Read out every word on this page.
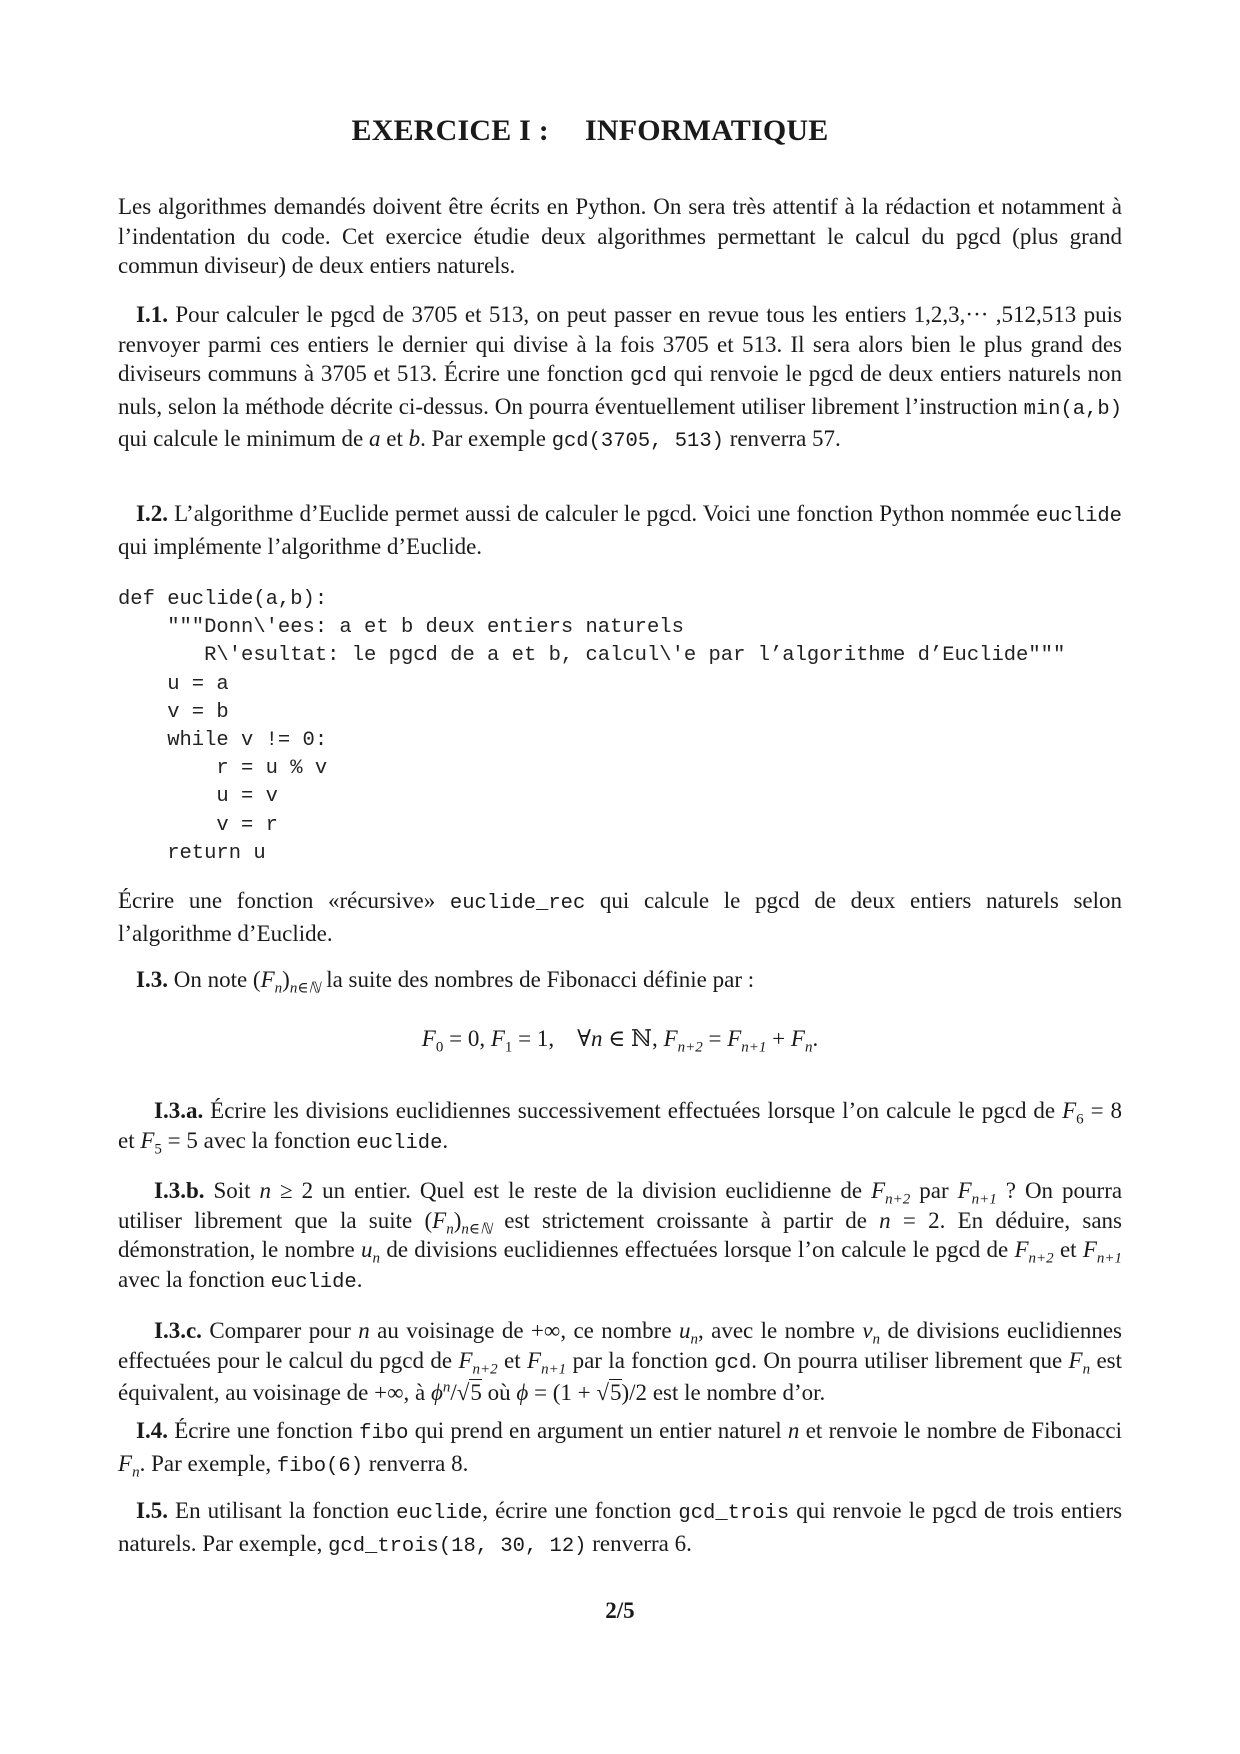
EXERCICE I : INFORMATIQUE
Les algorithmes demandés doivent être écrits en Python. On sera très attentif à la rédaction et notamment à l’indentation du code. Cet exercice étudie deux algorithmes permettant le calcul du pgcd (plus grand commun diviseur) de deux entiers naturels.
I.1. Pour calculer le pgcd de 3705 et 513, on peut passer en revue tous les entiers 1,2,3,··· ,512,513 puis renvoyer parmi ces entiers le dernier qui divise à la fois 3705 et 513. Il sera alors bien le plus grand des diviseurs communs à 3705 et 513. Écrire une fonction gcd qui renvoie le pgcd de deux entiers naturels non nuls, selon la méthode décrite ci-dessus. On pourra éventuellement utiliser librement l’instruction min(a,b) qui calcule le minimum de a et b. Par exemple gcd(3705, 513) renverra 57.
I.2. L’algorithme d’Euclide permet aussi de calculer le pgcd. Voici une fonction Python nommée euclide qui implémente l’algorithme d’Euclide.
def euclide(a,b):
"""Donn\'ees: a et b deux entiers naturels
R\'esultat: le pgcd de a et b, calcul\'e par l’algorithme d’Euclide"""
u = a
v = b
while v != 0:
r = u % v
u = v
v = r
return u
Écrire une fonction «récursive» euclide_rec qui calcule le pgcd de deux entiers naturels selon l’algorithme d’Euclide.
I.3. On note $(F_n)_{n\in ℕ}$ la suite des nombres de Fibonacci définie par :
$F_0 = 0$, $F_1 = 1$,    ∀n ∈ ℕ, $F_{n+2} = F_{n+1} + F_n$.
I.3.a. Écrire les divisions euclidiennes successivement effectuées lorsque l’on calcule le pgcd de $F_6 = 8$ et $F_5 = 5$ avec la fonction euclide.
I.3.b. Soit n ≥ 2 un entier. Quel est le reste de la division euclidienne de $F_{n+2}$ par $F_{n+1}$ ? On pourra utiliser librement que la suite $(F_n)_{n\in ℕ}$ est strictement croissante à partir de n = 2. En déduire, sans démonstration, le nombre $u_n$ de divisions euclidiennes effectuées lorsque l’on calcule le pgcd de $F_{n+2}$ et $F_{n+1}$ avec la fonction euclide.
I.3.c. Comparer pour n au voisinage de +∞, ce nombre $u_n$, avec le nombre $v_n$ de divisions euclidiennes effectuées pour le calcul du pgcd de $F_{n+2}$ et $F_{n+1}$ par la fonction gcd. On pourra utiliser librement que $F_n$ est équivalent, au voisinage de +∞, à $\phi^n/√5$ où ϕ = (1 + √5)/2 est le nombre d’or.
I.4. Écrire une fonction fibo qui prend en argument un entier naturel n et renvoie le nombre de Fibonacci $F_n$. Par exemple, fibo(6) renverra 8.
I.5. En utilisant la fonction euclide, écrire une fonction gcd_trois qui renvoie le pgcd de trois entiers naturels. Par exemple, gcd_trois(18, 30, 12) renverra 6.
2/5
